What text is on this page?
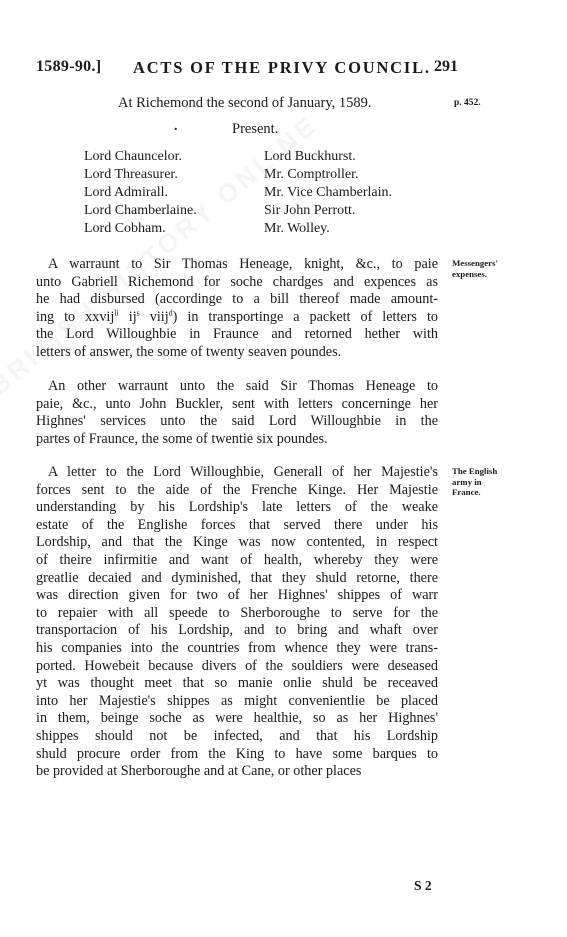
1589-90.] ACTS OF THE PRIVY COUNCIL. 291
At Richemond the second of January, 1589.	p. 452.
.	Present.
Lord Chauncelor.
Lord Threasurer.
Lord Admirall.
Lord Chamberlaine.
Lord Cobham.
Lord Buckhurst.
Mr. Comptroller.
Mr. Vice Chamberlain.
Sir John Perrott.
Mr. Wolley.
A warraunt to Sir Thomas Heneage, knight, &c., to paie
unto Gabriell Richemond for soche chardges and expences as
he had disbursed (accordinge to a bill thereof made amount-
ing to xxvij$^{li}$ $ij^s$ viij$^d$) in transportinge a packett of letters to
the Lord Willoughbie in Fraunce and retorned hether with
letters of answer, the some of twenty seaven poundes.
An other warraunt unto the said Sir Thomas Heneage to
paie, &c., unto John Buckler, sent with letters concerninge her
Highnes' services unto the said Lord Willoughbie in the
partes of Fraunce, the some of twentie six poundes.
A letter to the Lord Willoughbie, Generall of her Majestie's
forces sent to the aide of the Frenche Kinge. Her Majestie
understanding by his Lordship's late letters of the weake
estate of the Englishe forces that served there under his
Lordship, and that the Kinge was now contented, in respect
of theire infirmitie and want of health, whereby they were
greatlie decaied and dyminished, that they shuld retorne, there
was direction given for two of her Highnes' shippes of warr
to repaier with all speede to Sherboroughe to serve for the
transportacion of his Lordship, and to bring and whaft over
his companies into the countries from whence they were trans-
ported. Howebeit because divers of the souldiers were deseased
yt was thought meet that so manie onlie shuld be receaved
into her Majestie's shippes as might convenientlie be placed
in them, beinge soche as were healthie, so as her Highnes'
shippes should not be infected, and that his Lordship
shuld procure order from the King to have some barques to
be provided at Sherboroughe and at Cane, or other places
Messengers'
expenses.
The English
army in
France.
S 2
